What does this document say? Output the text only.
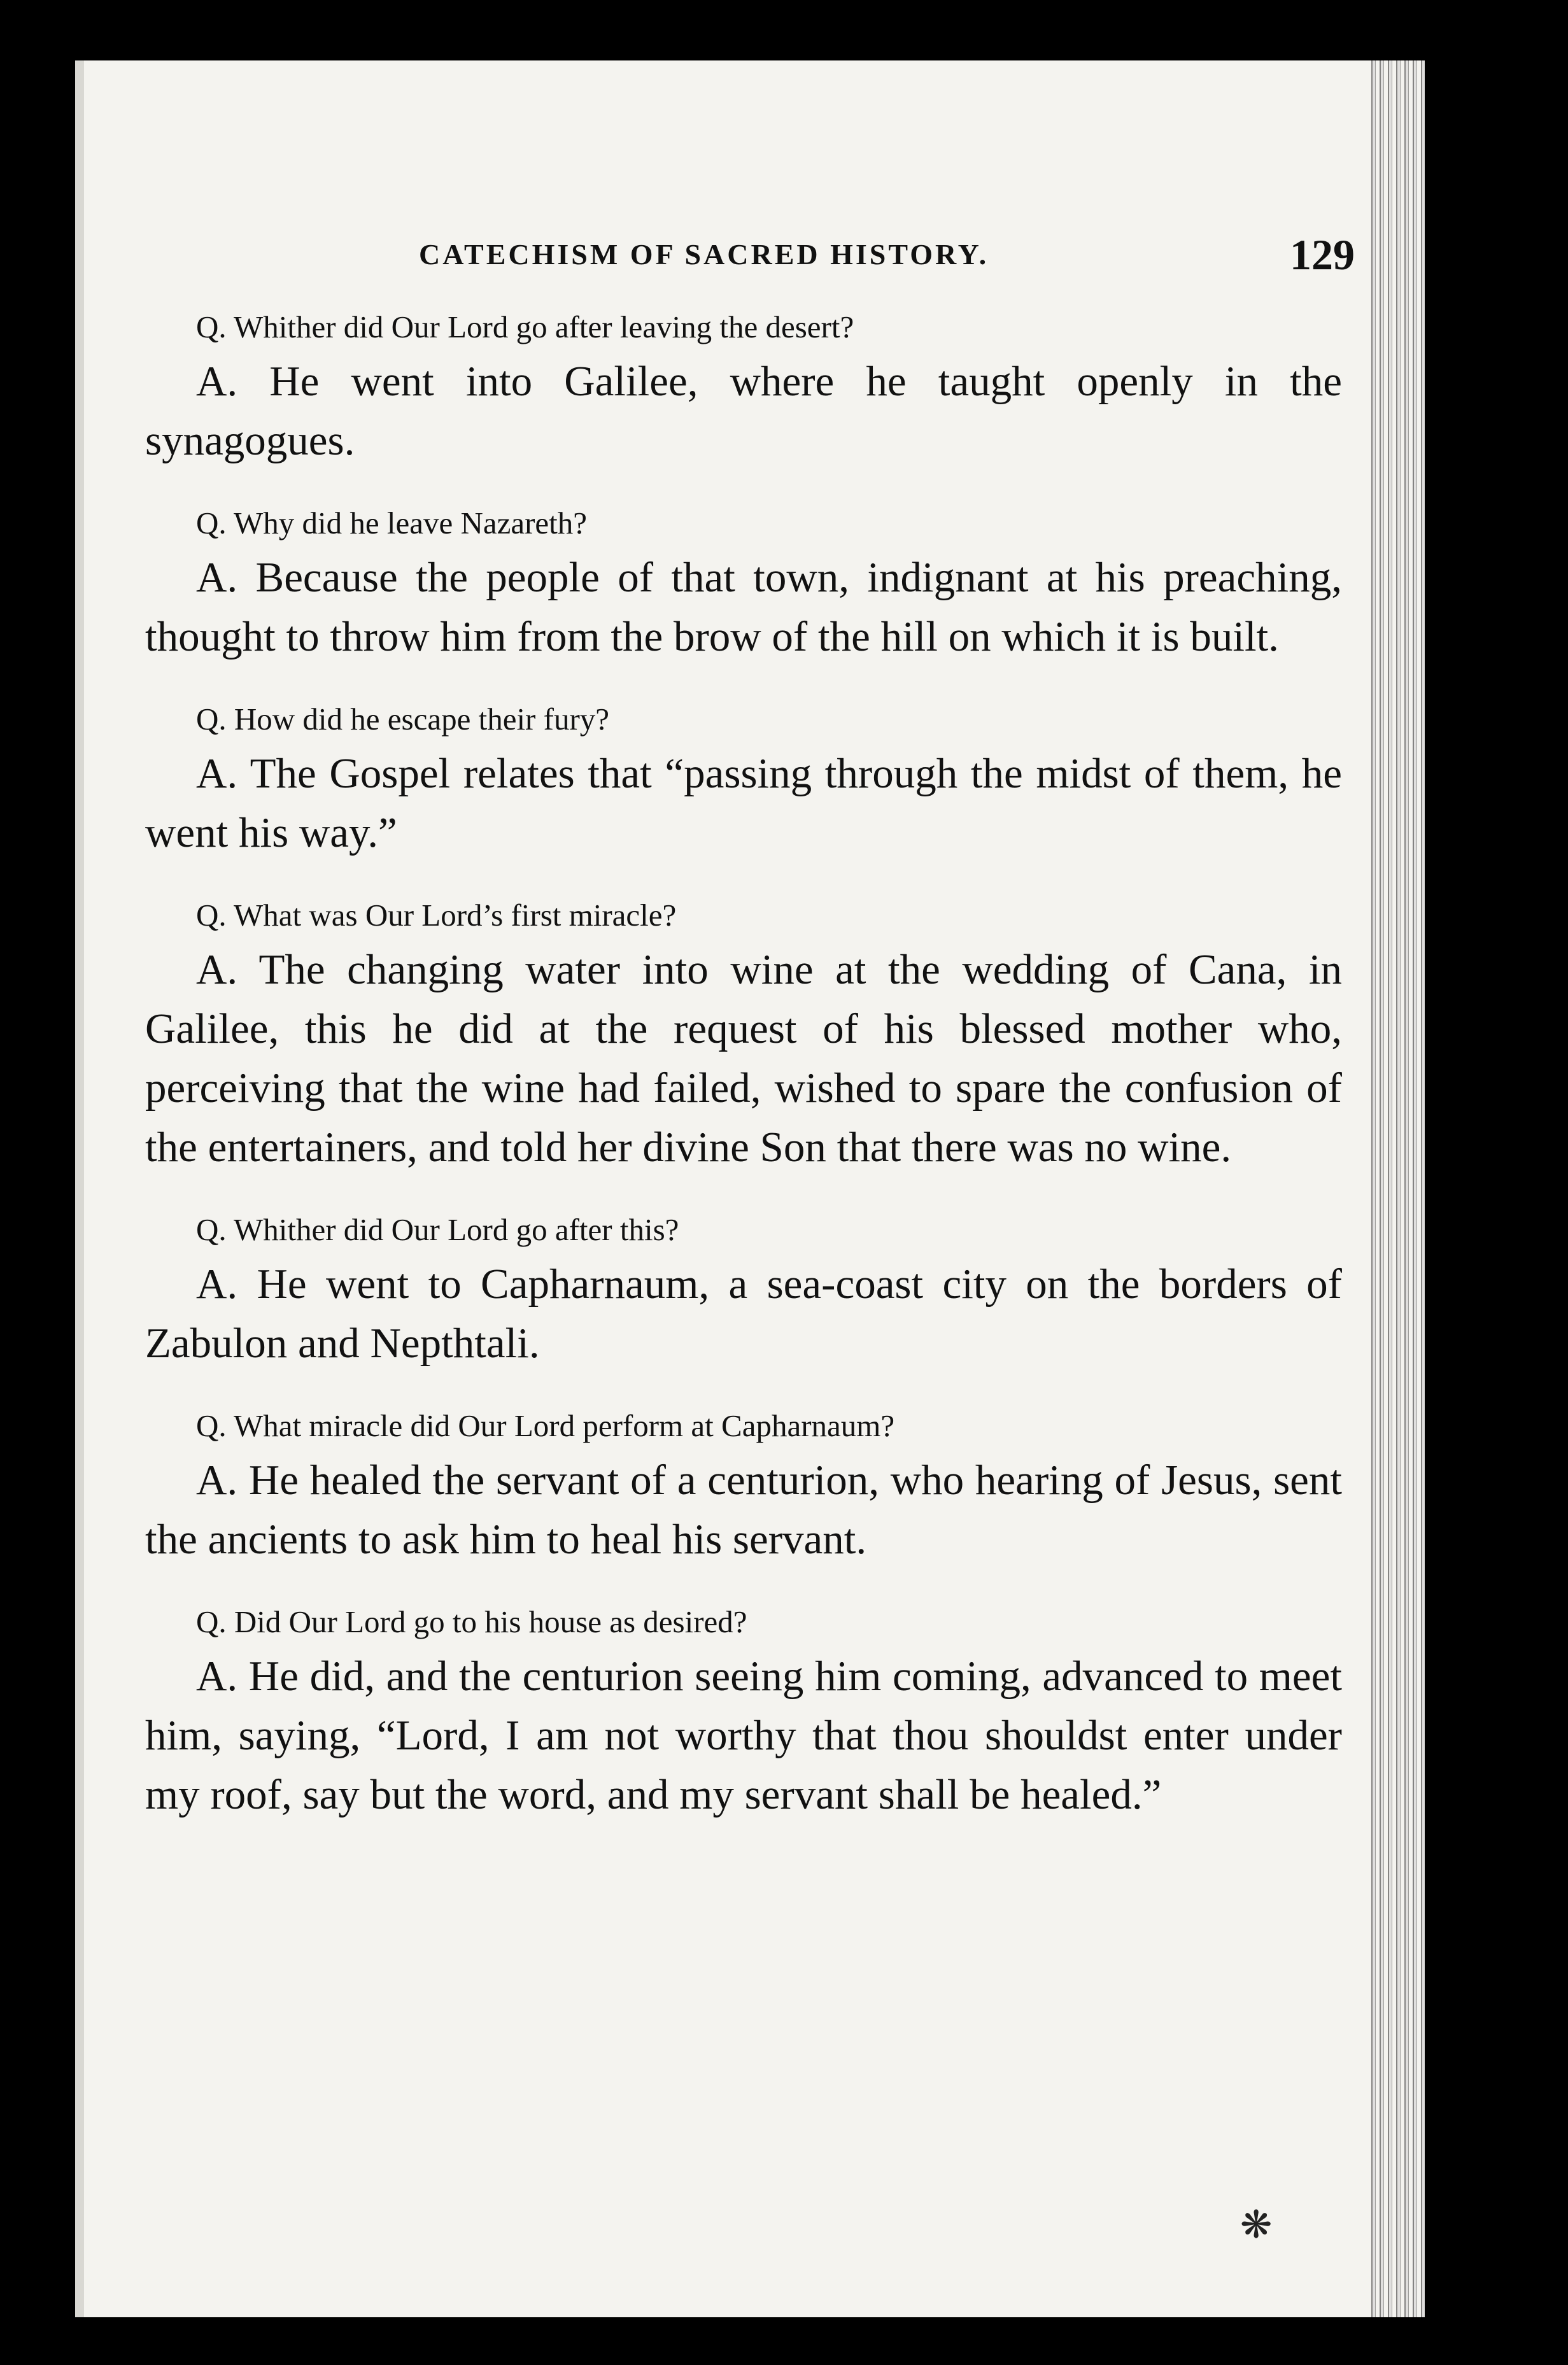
CATECHISM OF SACRED HISTORY.	129

Q. Whither did Our Lord go after leaving the desert?

A. He went into Galilee, where he taught openly in the synagogues.

Q. Why did he leave Nazareth?

A. Because the people of that town, indignant at his preaching, thought to throw him from the brow of the hill on which it is built.

Q. How did he escape their fury?

A. The Gospel relates that “passing through the midst of them, he went his way.”

Q. What was Our Lord’s first miracle?

A. The changing water into wine at the wedding of Cana, in Galilee, this he did at the request of his blessed mother who, perceiving that the wine had failed, wished to spare the confusion of the entertainers, and told her divine Son that there was no wine.

Q. Whither did Our Lord go after this?

A. He went to Capharnaum, a sea-coast city on the borders of Zabulon and Nepthtali.

Q. What miracle did Our Lord perform at Capharnaum?

A. He healed the servant of a centurion, who hearing of Jesus, sent the ancients to ask him to heal his servant.

Q. Did Our Lord go to his house as desired?

A. He did, and the centurion seeing him coming, advanced to meet him, saying, “Lord, I am not worthy that thou shouldst enter under my roof, say but the word, and my servant shall be healed.”

❋
